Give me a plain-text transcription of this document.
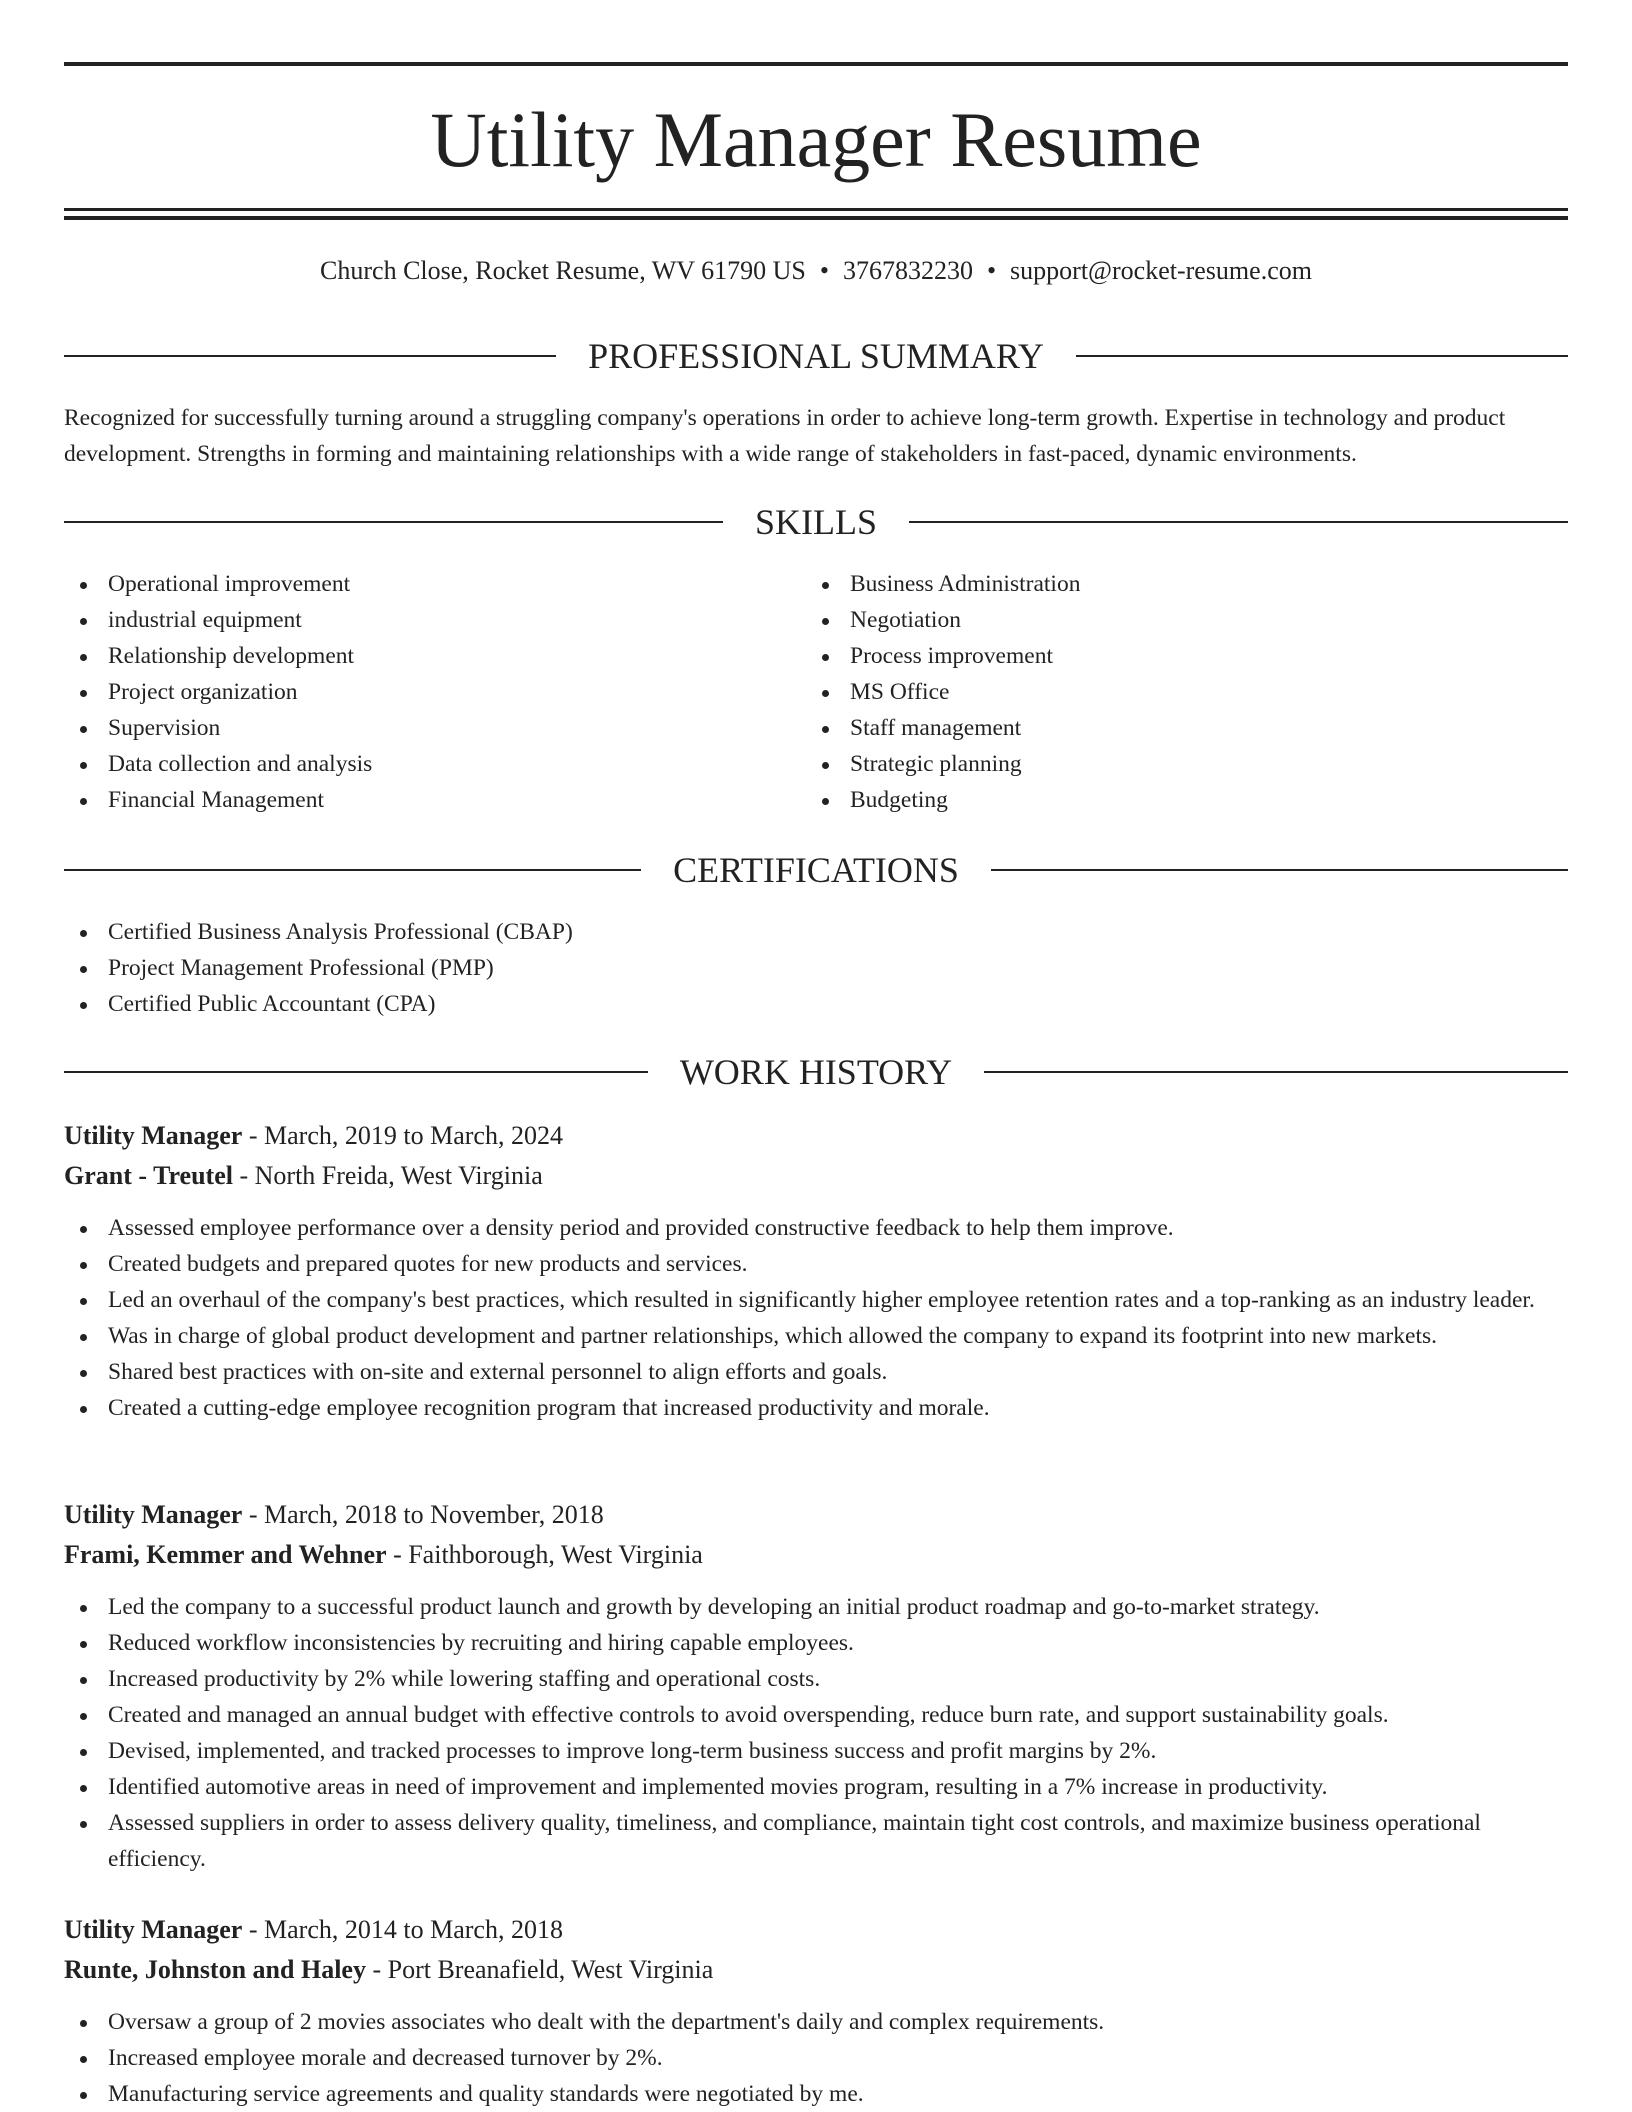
Utility Manager Resume
Church Close, Rocket Resume, WV 61790 US • 3767832230 • support@rocket-resume.com
PROFESSIONAL SUMMARY

Recognized for successfully turning around a struggling company's operations in order to achieve long-term growth. Expertise in technology and product development. Strengths in forming and maintaining relationships with a wide range of stakeholders in fast-paced, dynamic environments.

SKILLS
Operational improvement
industrial equipment
Relationship development
Project organization
Supervision
Data collection and analysis
Financial Management
Business Administration
Negotiation
Process improvement
MS Office
Staff management
Strategic planning
Budgeting
CERTIFICATIONS
Certified Business Analysis Professional (CBAP)
Project Management Professional (PMP)
Certified Public Accountant (CPA)
WORK HISTORY
Utility Manager - March, 2019 to March, 2024
Grant - Treutel - North Freida, West Virginia
Assessed employee performance over a density period and provided constructive feedback to help them improve.
Created budgets and prepared quotes for new products and services.
Led an overhaul of the company's best practices, which resulted in significantly higher employee retention rates and a top-ranking as an industry leader.
Was in charge of global product development and partner relationships, which allowed the company to expand its footprint into new markets.
Shared best practices with on-site and external personnel to align efforts and goals.
Created a cutting-edge employee recognition program that increased productivity and morale.
Utility Manager - March, 2018 to November, 2018
Frami, Kemmer and Wehner - Faithborough, West Virginia
Led the company to a successful product launch and growth by developing an initial product roadmap and go-to-market strategy.
Reduced workflow inconsistencies by recruiting and hiring capable employees.
Increased productivity by 2% while lowering staffing and operational costs.
Created and managed an annual budget with effective controls to avoid overspending, reduce burn rate, and support sustainability goals.
Devised, implemented, and tracked processes to improve long-term business success and profit margins by 2%.
Identified automotive areas in need of improvement and implemented movies program, resulting in a 7% increase in productivity.
Assessed suppliers in order to assess delivery quality, timeliness, and compliance, maintain tight cost controls, and maximize business operational efficiency.
Utility Manager - March, 2014 to March, 2018
Runte, Johnston and Haley - Port Breanafield, West Virginia
Oversaw a group of 2 movies associates who dealt with the department's daily and complex requirements.
Increased employee morale and decreased turnover by 2%.
Manufacturing service agreements and quality standards were negotiated by me.
